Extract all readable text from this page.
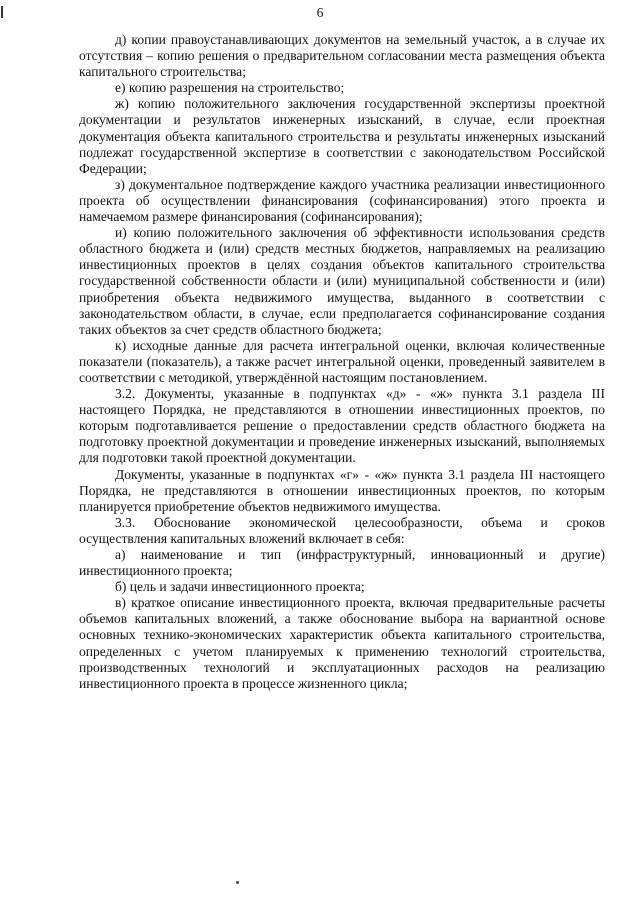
6

д) копии правоустанавливающих документов на земельный участок, а в случае их отсутствия – копию решения о предварительном согласовании места размещения объекта капитального строительства;

е) копию разрешения на строительство;

ж) копию положительного заключения государственной экспертизы проектной документации и результатов инженерных изысканий, в случае, если проектная документация объекта капитального строительства и результаты инженерных изысканий подлежат государственной экспертизе в соответствии с законодательством Российской Федерации;

з) документальное подтверждение каждого участника реализации инвестиционного проекта об осуществлении финансирования (софинансирования) этого проекта и намечаемом размере финансирования (софинансирования);

и) копию положительного заключения об эффективности использования средств областного бюджета и (или) средств местных бюджетов, направляемых на реализацию инвестиционных проектов в целях создания объектов капитального строительства государственной собственности области и (или) муниципальной собственности и (или) приобретения объекта недвижимого имущества, выданного в соответствии с законодательством области, в случае, если предполагается софинансирование создания таких объектов за счет средств областного бюджета;

к) исходные данные для расчета интегральной оценки, включая количественные показатели (показатель), а также расчет интегральной оценки, проведенный заявителем в соответствии с методикой, утверждённой настоящим постановлением.

3.2. Документы, указанные в подпунктах «д» - «ж» пункта 3.1 раздела III настоящего Порядка, не представляются в отношении инвестиционных проектов, по которым подготавливается решение о предоставлении средств областного бюджета на подготовку проектной документации и проведение инженерных изысканий, выполняемых для подготовки такой проектной документации.

Документы, указанные в подпунктах «г» - «ж» пункта 3.1 раздела III настоящего Порядка, не представляются в отношении инвестиционных проектов, по которым планируется приобретение объектов недвижимого имущества.

3.3. Обоснование экономической целесообразности, объема и сроков осуществления капитальных вложений включает в себя:

а) наименование и тип (инфраструктурный, инновационный и другие) инвестиционного проекта;

б) цель и задачи инвестиционного проекта;

в) краткое описание инвестиционного проекта, включая предварительные расчеты объемов капитальных вложений, а также обоснование выбора на вариантной основе основных технико-экономических характеристик объекта капитального строительства, определенных с учетом планируемых к применению технологий строительства, производственных технологий и эксплуатационных расходов на реализацию инвестиционного проекта в процессе жизненного цикла;
